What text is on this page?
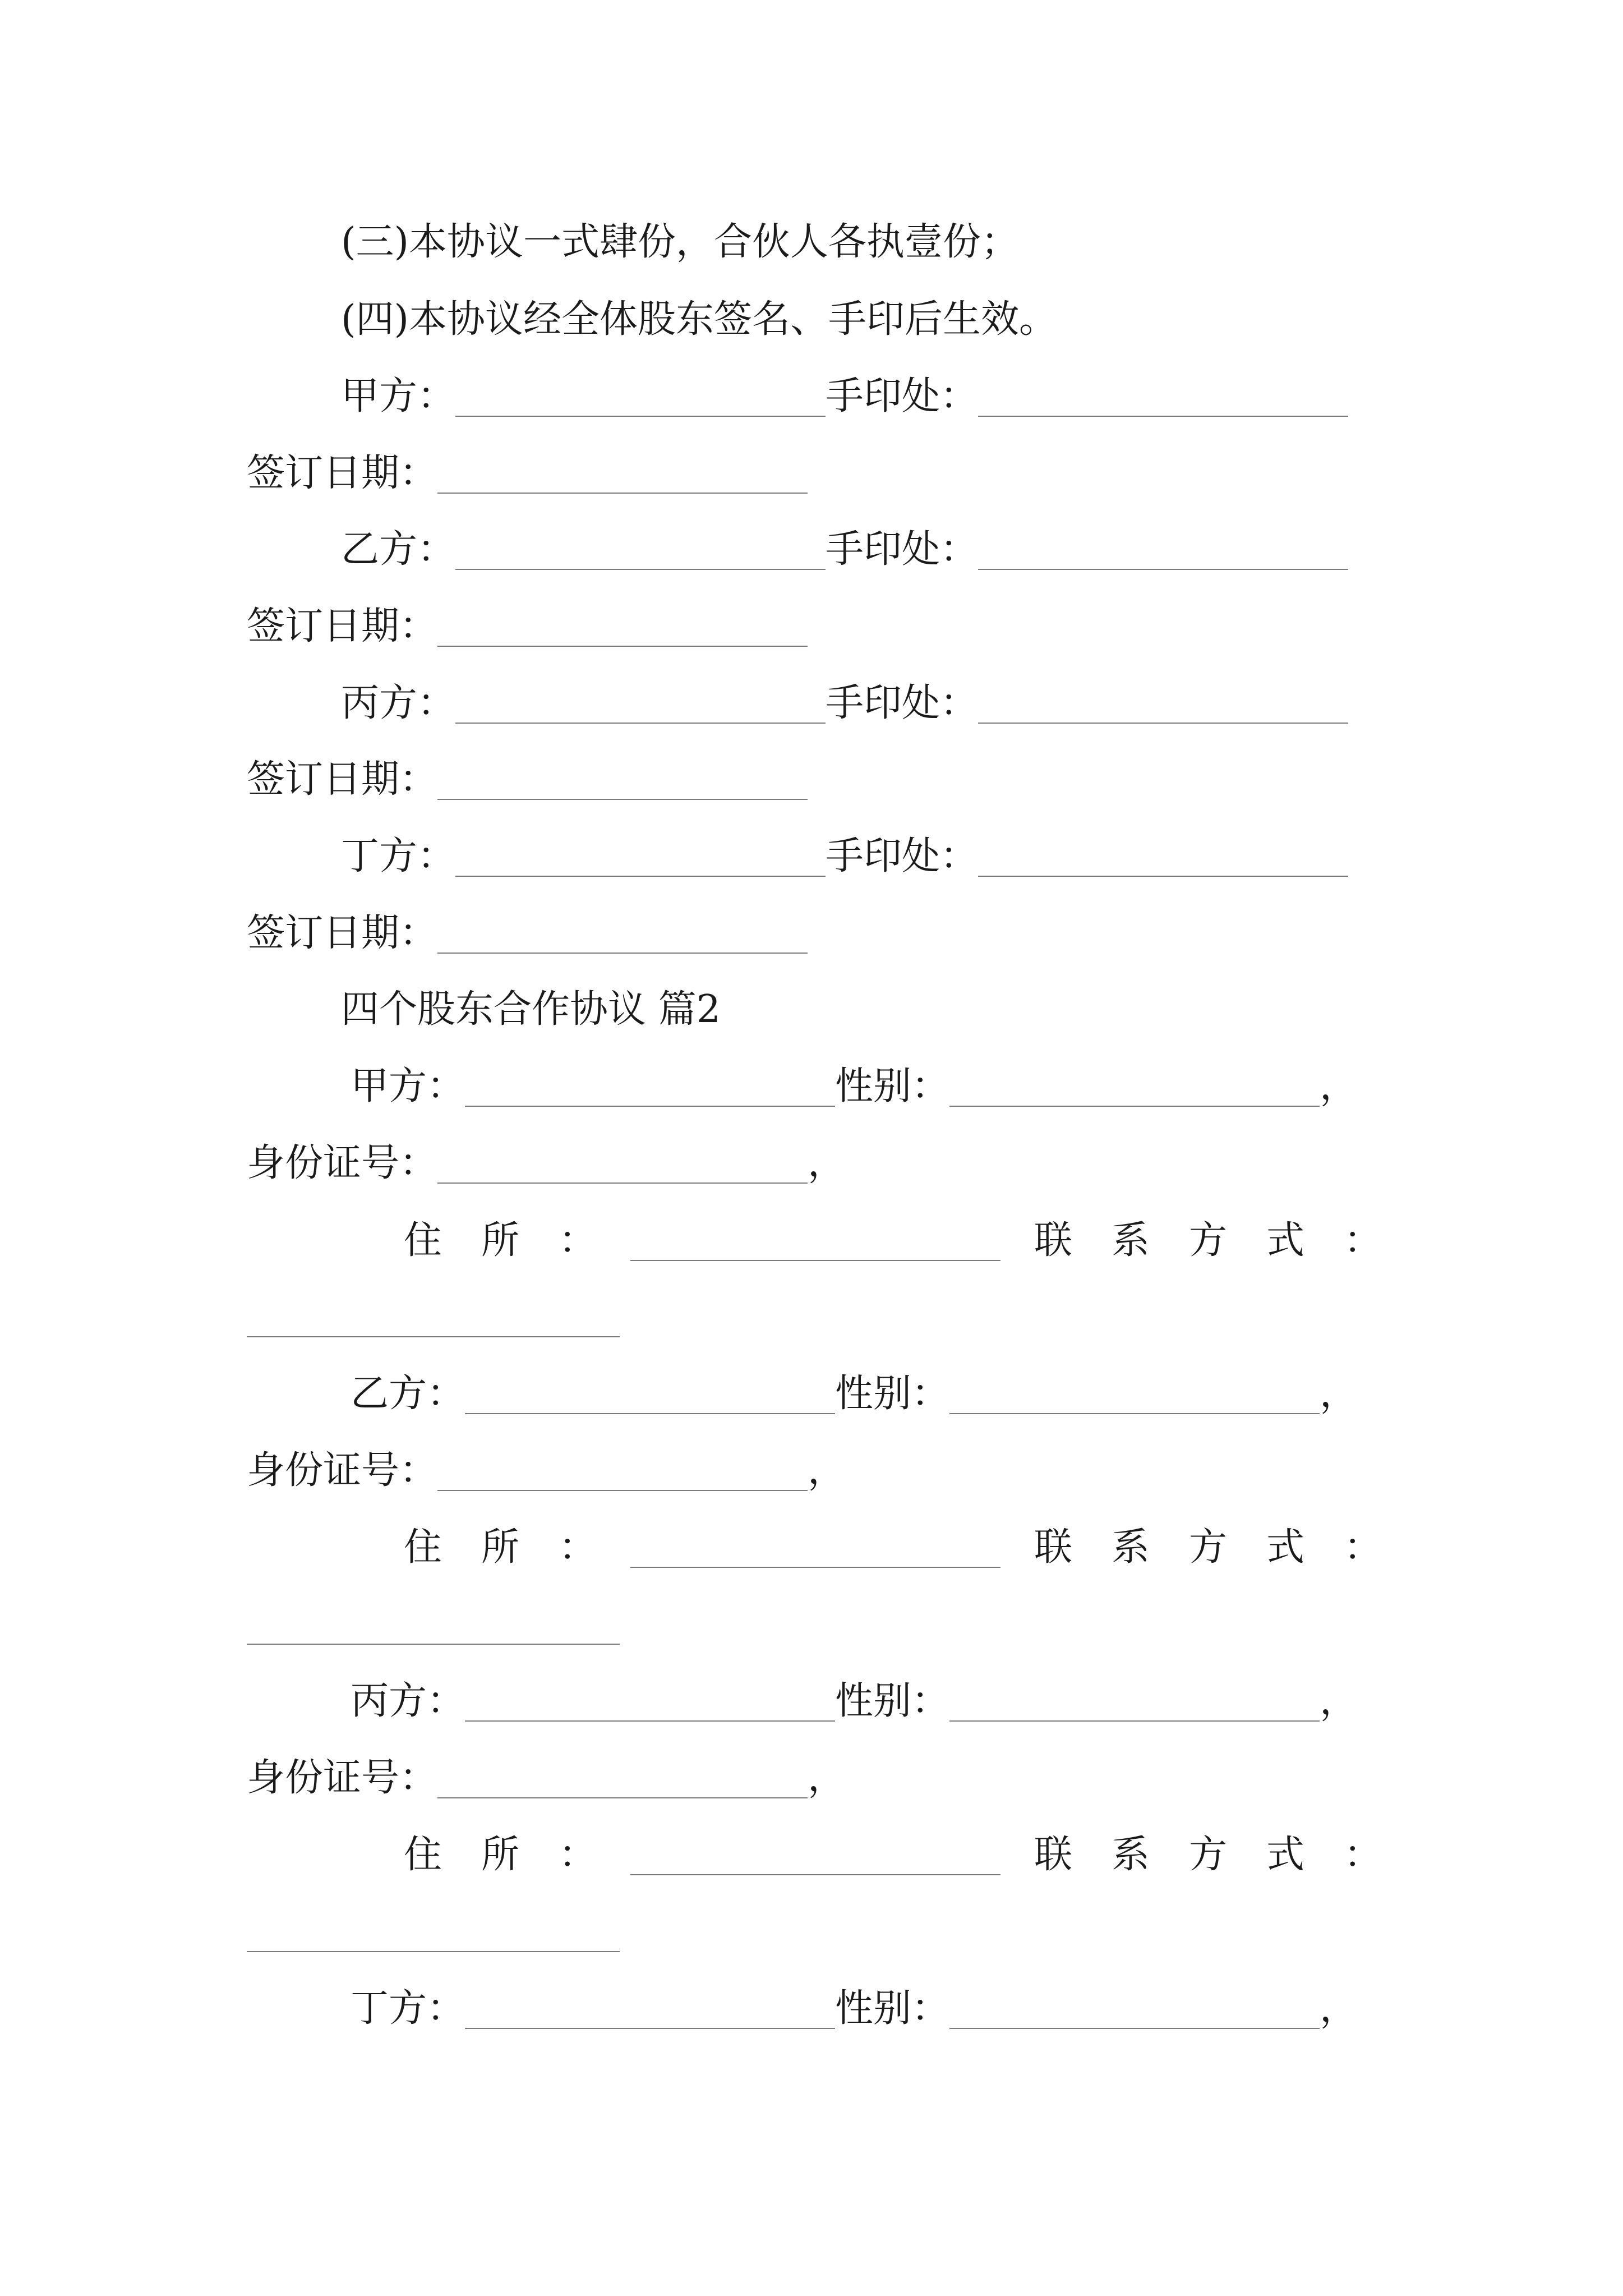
(三)本协议一式肆份，合伙人各执壹份；
(四)本协议经全体股东签名、手印后生效。
甲方：	手印处：
签订日期：
乙方：	手印处：
签订日期：
丙方：	手印处：
签订日期：
丁方：	手印处：
签订日期：
四个股东合作协议 篇2
甲方：	性别：	，
身份证号：	，
住所：	联系方式：
乙方：	性别：	，
身份证号：	，
住所：	联系方式：
丙方：	性别：	，
身份证号：	，
住所：	联系方式：
丁方：	性别：	，
